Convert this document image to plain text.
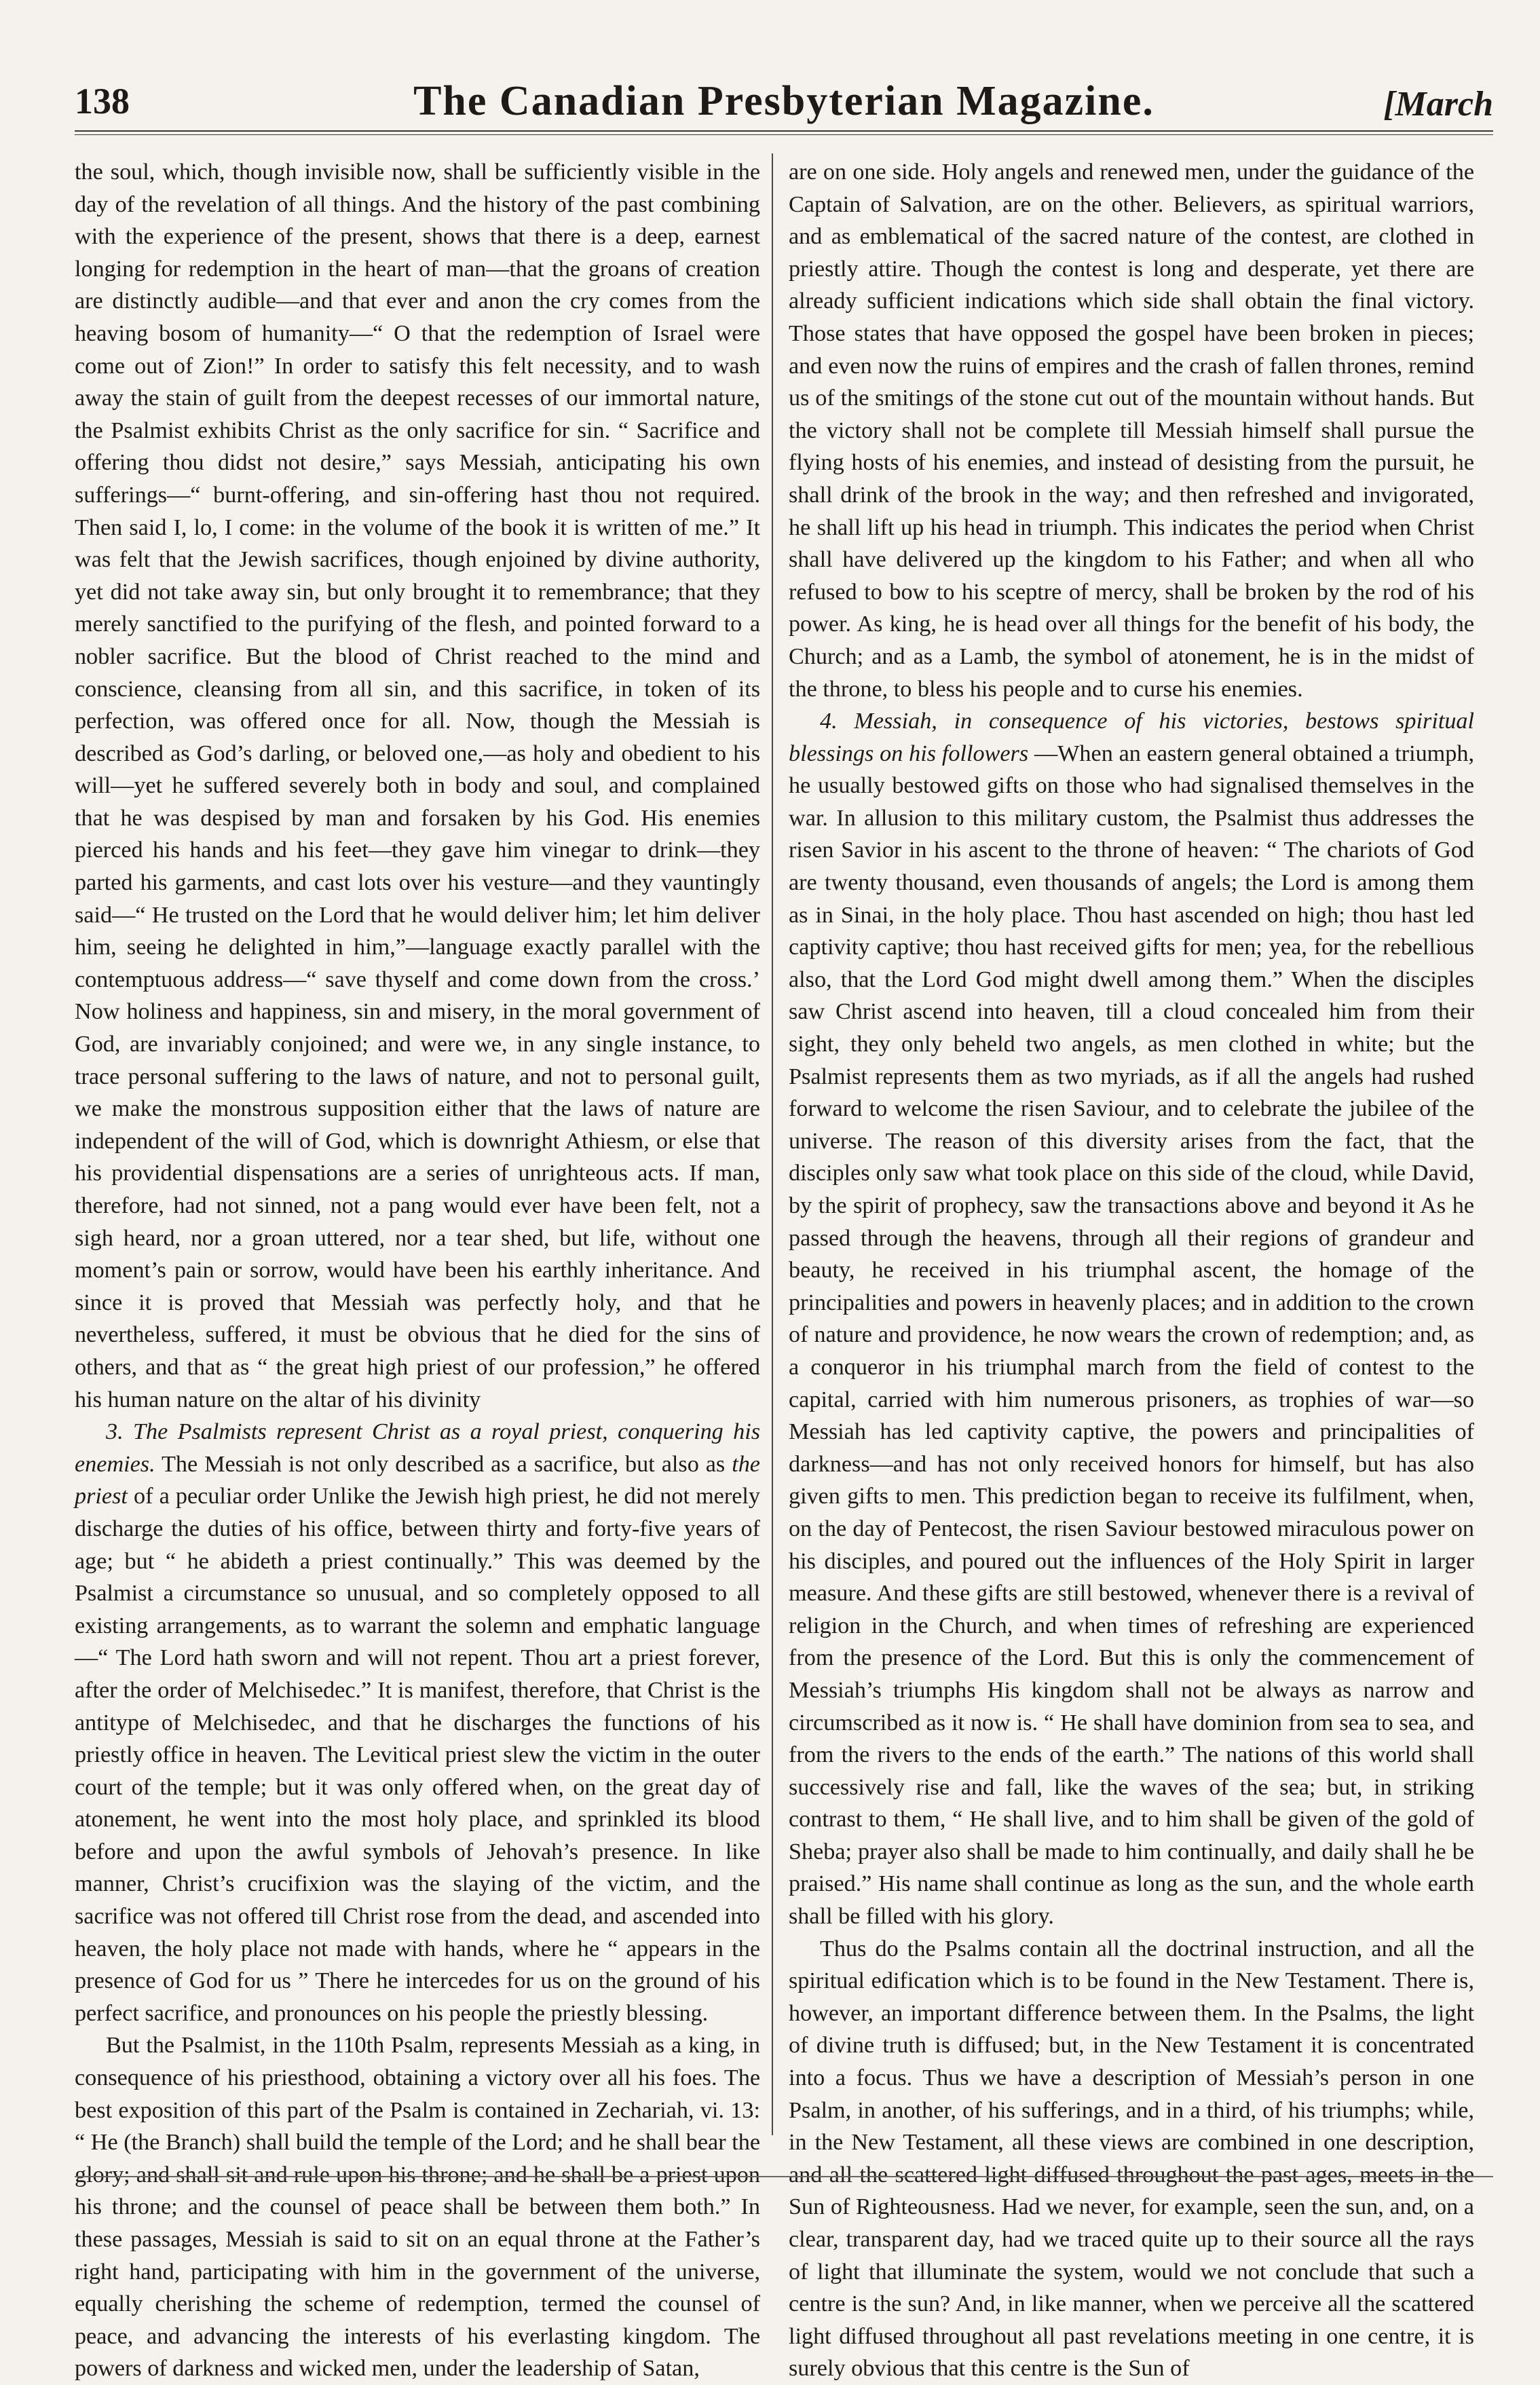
138	The Canadian Presbyterian Magazine.	[March

the soul, which, though invisible now, shall be sufficiently visible in the day of the revelation of all things. And the history of the past combining with the experience of the present, shows that there is a deep, earnest longing for redemption in the heart of man—that the groans of creation are distinctly audible—and that ever and anon the cry comes from the heaving bosom of humanity—“ O that the redemption of Israel were come out of Zion!” In order to satisfy this felt necessity, and to wash away the stain of guilt from the deepest recesses of our immortal nature, the Psalmist exhibits Christ as the only sacrifice for sin. “ Sacrifice and offering thou didst not desire,” says Messiah, anticipating his own sufferings—“ burnt-offering, and sin-offering hast thou not required. Then said I, lo, I come: in the volume of the book it is written of me.” It was felt that the Jewish sacrifices, though enjoined by divine authority, yet did not take away sin, but only brought it to remembrance; that they merely sanctified to the purifying of the flesh, and pointed forward to a nobler sacrifice. But the blood of Christ reached to the mind and conscience, cleansing from all sin, and this sacrifice, in token of its perfection, was offered once for all. Now, though the Messiah is described as God’s darling, or beloved one,—as holy and obedient to his will—yet he suffered severely both in body and soul, and complained that he was despised by man and forsaken by his God. His enemies pierced his hands and his feet—they gave him vinegar to drink—they parted his garments, and cast lots over his vesture—and they vauntingly said—“ He trusted on the Lord that he would deliver him; let him deliver him, seeing he delighted in him,”—language exactly parallel with the contemptuous address—“ save thyself and come down from the cross.’ Now holiness and happiness, sin and misery, in the moral government of God, are invariably conjoined; and were we, in any single instance, to trace personal suffering to the laws of nature, and not to personal guilt, we make the monstrous supposition either that the laws of nature are independent of the will of God, which is downright Athiesm, or else that his providential dispensations are a series of unrighteous acts. If man, therefore, had not sinned, not a pang would ever have been felt, not a sigh heard, nor a groan uttered, nor a tear shed, but life, without one moment’s pain or sorrow, would have been his earthly inheritance. And since it is proved that Messiah was perfectly holy, and that he nevertheless, suffered, it must be obvious that he died for the sins of others, and that as “ the great high priest of our profession,” he offered his human nature on the altar of his divinity

3. The Psalmists represent Christ as a royal priest, conquering his enemies. The Messiah is not only described as a sacrifice, but also as the priest of a peculiar order Unlike the Jewish high priest, he did not merely discharge the duties of his office, between thirty and forty-five years of age; but “ he abideth a priest continually.” This was deemed by the Psalmist a circumstance so unusual, and so completely opposed to all existing arrangements, as to warrant the solemn and emphatic language—“ The Lord hath sworn and will not repent. Thou art a priest forever, after the order of Melchisedec.” It is manifest, therefore, that Christ is the antitype of Melchisedec, and that he discharges the functions of his priestly office in heaven. The Levitical priest slew the victim in the outer court of the temple; but it was only offered when, on the great day of atonement, he went into the most holy place, and sprinkled its blood before and upon the awful symbols of Jehovah’s presence. In like manner, Christ’s crucifixion was the slaying of the victim, and the sacrifice was not offered till Christ rose from the dead, and ascended into heaven, the holy place not made with hands, where he “ appears in the presence of God for us ” There he intercedes for us on the ground of his perfect sacrifice, and pronounces on his people the priestly blessing.

But the Psalmist, in the 110th Psalm, represents Messiah as a king, in consequence of his priesthood, obtaining a victory over all his foes. The best exposition of this part of the Psalm is contained in Zechariah, vi. 13: “ He (the Branch) shall build the temple of the Lord; and he shall bear the glory; and shall sit and rule upon his throne; and he shall be a priest upon his throne; and the counsel of peace shall be between them both.” In these passages, Messiah is said to sit on an equal throne at the Father’s right hand, participating with him in the government of the universe, equally cherishing the scheme of redemption, termed the counsel of peace, and advancing the interests of his everlasting kingdom. The powers of darkness and wicked men, under the leadership of Satan,

are on one side. Holy angels and renewed men, under the guidance of the Captain of Salvation, are on the other. Believers, as spiritual warriors, and as emblematical of the sacred nature of the contest, are clothed in priestly attire. Though the contest is long and desperate, yet there are already sufficient indications which side shall obtain the final victory. Those states that have opposed the gospel have been broken in pieces; and even now the ruins of empires and the crash of fallen thrones, remind us of the smitings of the stone cut out of the mountain without hands. But the victory shall not be complete till Messiah himself shall pursue the flying hosts of his enemies, and instead of desisting from the pursuit, he shall drink of the brook in the way; and then refreshed and invigorated, he shall lift up his head in triumph. This indicates the period when Christ shall have delivered up the kingdom to his Father; and when all who refused to bow to his sceptre of mercy, shall be broken by the rod of his power. As king, he is head over all things for the benefit of his body, the Church; and as a Lamb, the symbol of atonement, he is in the midst of the throne, to bless his people and to curse his enemies.

4. Messiah, in consequence of his victories, bestows spiritual blessings on his followers —When an eastern general obtained a triumph, he usually bestowed gifts on those who had signalised themselves in the war. In allusion to this military custom, the Psalmist thus addresses the risen Savior in his ascent to the throne of heaven: “ The chariots of God are twenty thousand, even thousands of angels; the Lord is among them as in Sinai, in the holy place. Thou hast ascended on high; thou hast led captivity captive; thou hast received gifts for men; yea, for the rebellious also, that the Lord God might dwell among them.” When the disciples saw Christ ascend into heaven, till a cloud concealed him from their sight, they only beheld two angels, as men clothed in white; but the Psalmist represents them as two myriads, as if all the angels had rushed forward to welcome the risen Saviour, and to celebrate the jubilee of the universe. The reason of this diversity arises from the fact, that the disciples only saw what took place on this side of the cloud, while David, by the spirit of prophecy, saw the transactions above and beyond it As he passed through the heavens, through all their regions of grandeur and beauty, he received in his triumphal ascent, the homage of the principalities and powers in heavenly places; and in addition to the crown of nature and providence, he now wears the crown of redemption; and, as a conqueror in his triumphal march from the field of contest to the capital, carried with him numerous prisoners, as trophies of war—so Messiah has led captivity captive, the powers and principalities of darkness—and has not only received honors for himself, but has also given gifts to men. This prediction began to receive its fulfilment, when, on the day of Pentecost, the risen Saviour bestowed miraculous power on his disciples, and poured out the influences of the Holy Spirit in larger measure. And these gifts are still bestowed, whenever there is a revival of religion in the Church, and when times of refreshing are experienced from the presence of the Lord. But this is only the commencement of Messiah’s triumphs His kingdom shall not be always as narrow and circumscribed as it now is. “ He shall have dominion from sea to sea, and from the rivers to the ends of the earth.” The nations of this world shall successively rise and fall, like the waves of the sea; but, in striking contrast to them, “ He shall live, and to him shall be given of the gold of Sheba; prayer also shall be made to him continually, and daily shall he be praised.” His name shall continue as long as the sun, and the whole earth shall be filled with his glory.

Thus do the Psalms contain all the doctrinal instruction, and all the spiritual edification which is to be found in the New Testament. There is, however, an important difference between them. In the Psalms, the light of divine truth is diffused; but, in the New Testament it is concentrated into a focus. Thus we have a description of Messiah’s person in one Psalm, in another, of his sufferings, and in a third, of his triumphs; while, in the New Testament, all these views are combined in one description, and all the scattered light diffused throughout the past ages, meets in the Sun of Righteousness. Had we never, for example, seen the sun, and, on a clear, transparent day, had we traced quite up to their source all the rays of light that illuminate the system, would we not conclude that such a centre is the sun? And, in like manner, when we perceive all the scattered light diffused throughout all past revelations meeting in one centre, it is surely obvious that this centre is the Sun of
